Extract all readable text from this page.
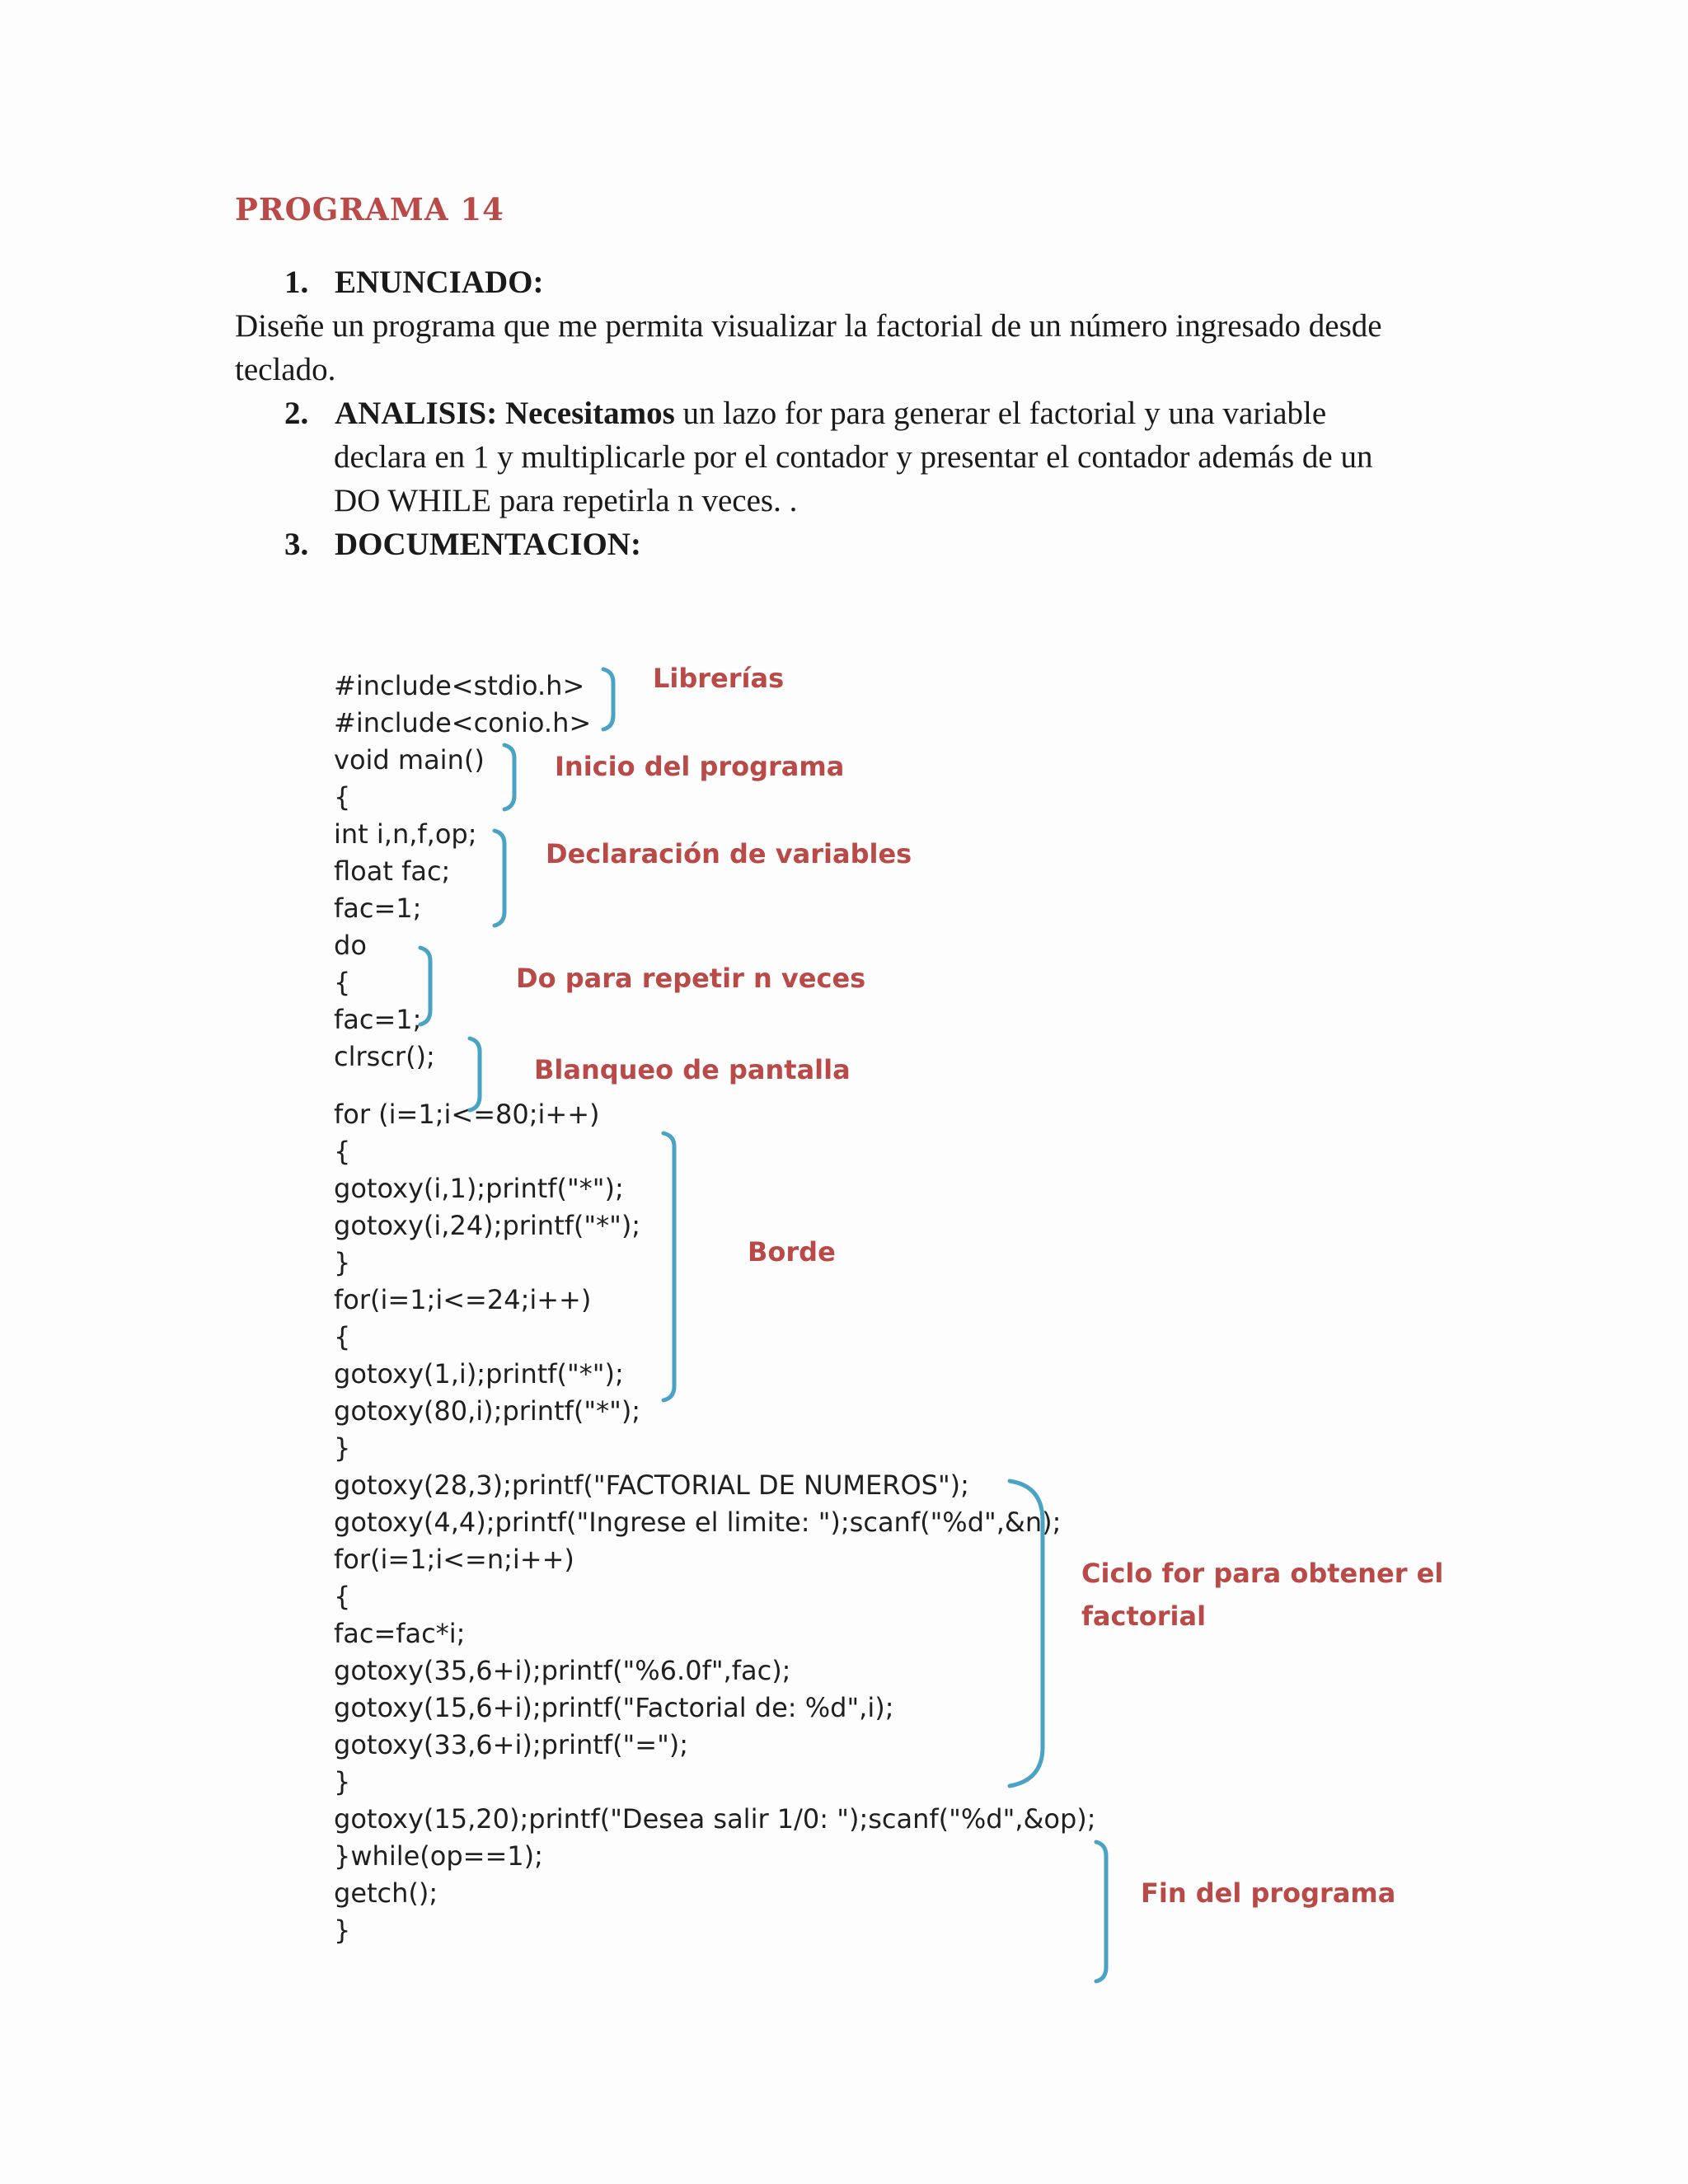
PROGRAMA 14
1. ENUNCIADO:
Diseñe un programa que me permita visualizar la factorial de un número ingresado desde
teclado.
2. ANALISIS: Necesitamos un lazo for para generar el factorial y una variable
declara en 1 y multiplicarle por el contador y presentar el contador además de un
DO WHILE para repetirla n veces. .
3. DOCUMENTACION:
#include<stdio.h>
#include<conio.h>
void main()
{
int i,n,f,op;
float fac;
fac=1;
do
{
fac=1;
clrscr();
for (i=1;i<=80;i++)
{
gotoxy(i,1);printf("*");
gotoxy(i,24);printf("*");
}
for(i=1;i<=24;i++)
{
gotoxy(1,i);printf("*");
gotoxy(80,i);printf("*");
}
gotoxy(28,3);printf("FACTORIAL DE NUMEROS");
gotoxy(4,4);printf("Ingrese el limite: ");scanf("%d",&n);
for(i=1;i<=n;i++)
{
fac=fac*i;
gotoxy(35,6+i);printf("%6.0f",fac);
gotoxy(15,6+i);printf("Factorial de: %d",i);
gotoxy(33,6+i);printf("=");
}
gotoxy(15,20);printf("Desea salir 1/0: ");scanf("%d",&op);
}while(op==1);
getch();
}
Librerías
Inicio del programa
Declaración de variables
Do para repetir n veces
Blanqueo de pantalla
Borde
Ciclo for para obtener el
factorial
Fin del programa
